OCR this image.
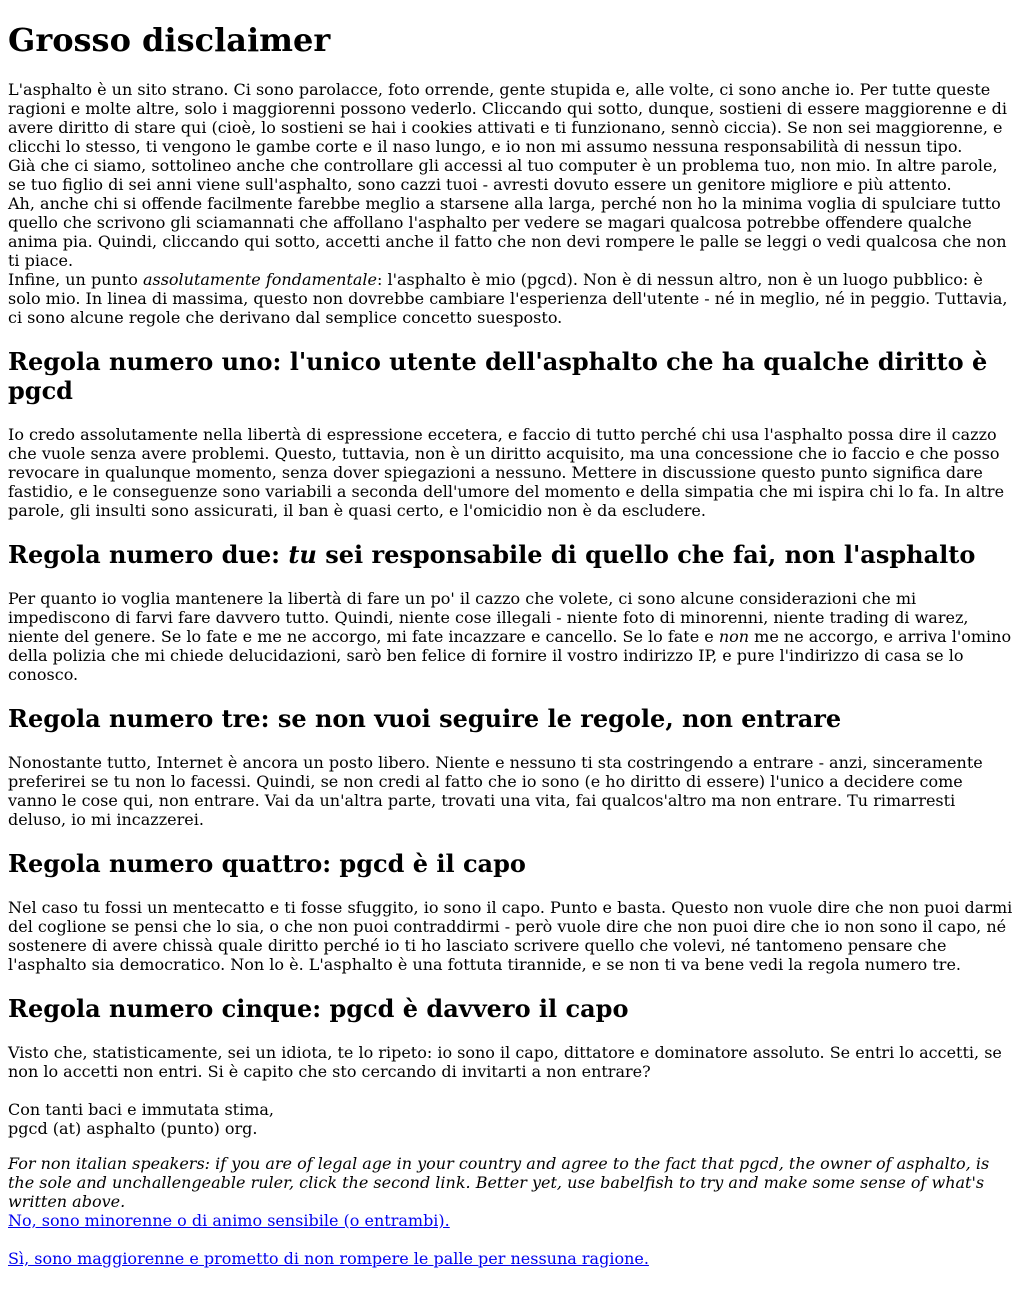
Grosso disclaimer

L'asphalto è un sito strano. Ci sono parolacce, foto orrende, gente stupida e, alle volte, ci sono anche io. Per tutte queste ragioni e molte altre, solo i maggiorenni possono vederlo. Cliccando qui sotto, dunque, sostieni di essere maggiorenne e di avere diritto di stare qui (cioè, lo sostieni se hai i cookies attivati e ti funzionano, sennò ciccia). Se non sei maggiorenne, e clicchi lo stesso, ti vengono le gambe corte e il naso lungo, e io non mi assumo nessuna responsabilità di nessun tipo.
Già che ci siamo, sottolineo anche che controllare gli accessi al tuo computer è un problema tuo, non mio. In altre parole, se tuo figlio di sei anni viene sull'asphalto, sono cazzi tuoi - avresti dovuto essere un genitore migliore e più attento.
Ah, anche chi si offende facilmente farebbe meglio a starsene alla larga, perché non ho la minima voglia di spulciare tutto quello che scrivono gli sciamannati che affollano l'asphalto per vedere se magari qualcosa potrebbe offendere qualche anima pia. Quindi, cliccando qui sotto, accetti anche il fatto che non devi rompere le palle se leggi o vedi qualcosa che non ti piace.
Infine, un punto assolutamente fondamentale: l'asphalto è mio (pgcd). Non è di nessun altro, non è un luogo pubblico: è solo mio. In linea di massima, questo non dovrebbe cambiare l'esperienza dell'utente - né in meglio, né in peggio. Tuttavia, ci sono alcune regole che derivano dal semplice concetto suesposto.

Regola numero uno: l'unico utente dell'asphalto che ha qualche diritto è pgcd

Io credo assolutamente nella libertà di espressione eccetera, e faccio di tutto perché chi usa l'asphalto possa dire il cazzo che vuole senza avere problemi. Questo, tuttavia, non è un diritto acquisito, ma una concessione che io faccio e che posso revocare in qualunque momento, senza dover spiegazioni a nessuno. Mettere in discussione questo punto significa dare fastidio, e le conseguenze sono variabili a seconda dell'umore del momento e della simpatia che mi ispira chi lo fa. In altre parole, gli insulti sono assicurati, il ban è quasi certo, e l'omicidio non è da escludere.

Regola numero due: tu sei responsabile di quello che fai, non l'asphalto

Per quanto io voglia mantenere la libertà di fare un po' il cazzo che volete, ci sono alcune considerazioni che mi impediscono di farvi fare davvero tutto. Quindi, niente cose illegali - niente foto di minorenni, niente trading di warez, niente del genere. Se lo fate e me ne accorgo, mi fate incazzare e cancello. Se lo fate e non me ne accorgo, e arriva l'omino della polizia che mi chiede delucidazioni, sarò ben felice di fornire il vostro indirizzo IP, e pure l'indirizzo di casa se lo conosco.

Regola numero tre: se non vuoi seguire le regole, non entrare

Nonostante tutto, Internet è ancora un posto libero. Niente e nessuno ti sta costringendo a entrare - anzi, sinceramente preferirei se tu non lo facessi. Quindi, se non credi al fatto che io sono (e ho diritto di essere) l'unico a decidere come vanno le cose qui, non entrare. Vai da un'altra parte, trovati una vita, fai qualcos'altro ma non entrare. Tu rimarresti deluso, io mi incazzerei.

Regola numero quattro: pgcd è il capo

Nel caso tu fossi un mentecatto e ti fosse sfuggito, io sono il capo. Punto e basta. Questo non vuole dire che non puoi darmi del coglione se pensi che lo sia, o che non puoi contraddirmi - però vuole dire che non puoi dire che io non sono il capo, né sostenere di avere chissà quale diritto perché io ti ho lasciato scrivere quello che volevi, né tantomeno pensare che l'asphalto sia democratico. Non lo è. L'asphalto è una fottuta tirannide, e se non ti va bene vedi la regola numero tre.

Regola numero cinque: pgcd è davvero il capo

Visto che, statisticamente, sei un idiota, te lo ripeto: io sono il capo, dittatore e dominatore assoluto. Se entri lo accetti, se non lo accetti non entri. Si è capito che sto cercando di invitarti a non entrare?
Con tanti baci e immutata stima,
pgcd (at) asphalto (punto) org.

For non italian speakers: if you are of legal age in your country and agree to the fact that pgcd, the owner of asphalto, is the sole and unchallengeable ruler, click the second link. Better yet, use babelfish to try and make some sense of what's written above.
No, sono minorenne o di animo sensibile (o entrambi).
Sì, sono maggiorenne e prometto di non rompere le palle per nessuna ragione.
